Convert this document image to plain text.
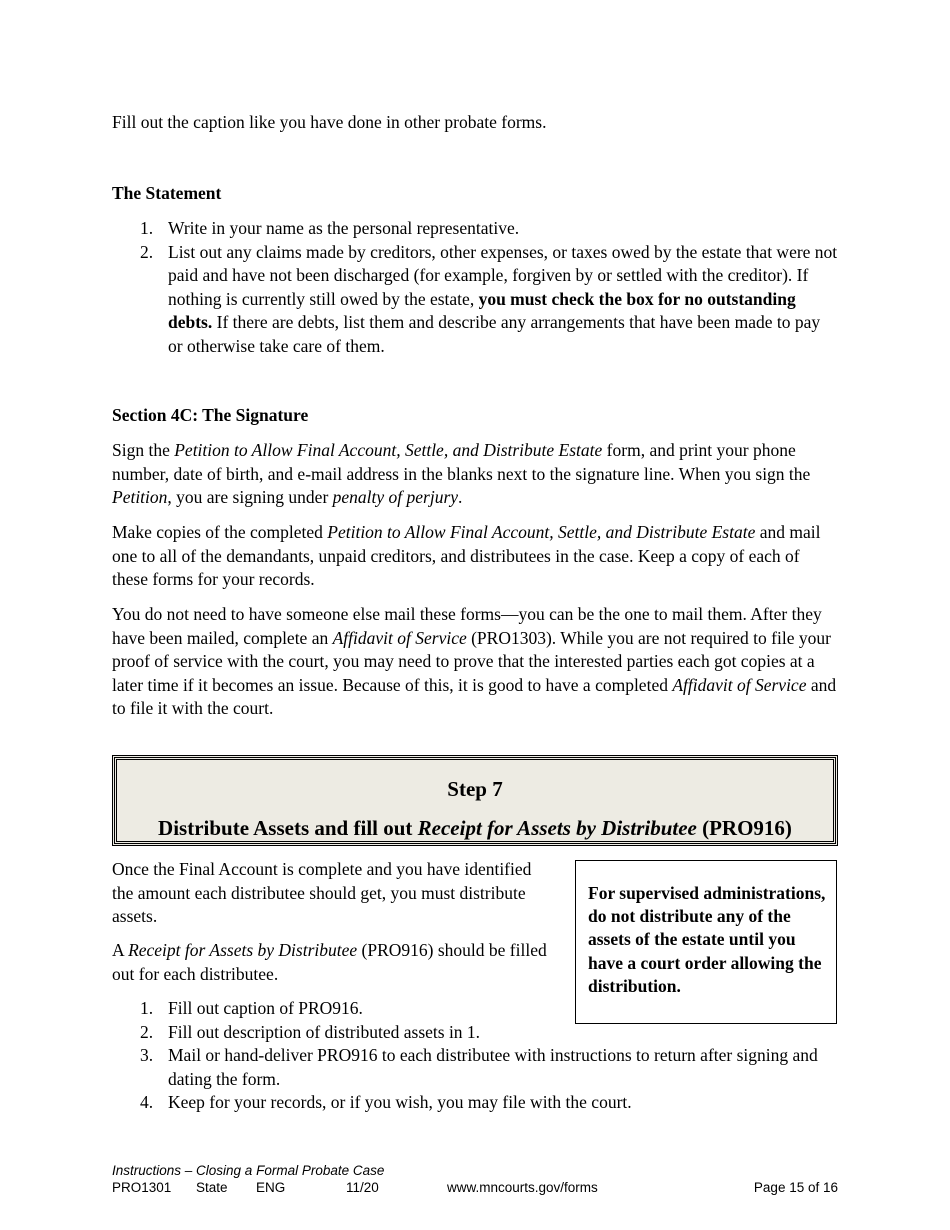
Fill out the caption like you have done in other probate forms.

The Statement
1. Write in your name as the personal representative.
2. List out any claims made by creditors, other expenses, or taxes owed by the estate that were not paid and have not been discharged (for example, forgiven by or settled with the creditor). If nothing is currently still owed by the estate, you must check the box for no outstanding debts. If there are debts, list them and describe any arrangements that have been made to pay or otherwise take care of them.
Section 4C: The Signature

Sign the Petition to Allow Final Account, Settle, and Distribute Estate form, and print your phone number, date of birth, and e-mail address in the blanks next to the signature line. When you sign the Petition, you are signing under penalty of perjury.

Make copies of the completed Petition to Allow Final Account, Settle, and Distribute Estate and mail one to all of the demandants, unpaid creditors, and distributees in the case. Keep a copy of each of these forms for your records.

You do not need to have someone else mail these forms—you can be the one to mail them. After they have been mailed, complete an Affidavit of Service (PRO1303). While you are not required to file your proof of service with the court, you may need to prove that the interested parties each got copies at a later time if it becomes an issue. Because of this, it is good to have a completed Affidavit of Service and to file it with the court.

Step 7
Distribute Assets and fill out Receipt for Assets by Distributee (PRO916)

Once the Final Account is complete and you have identified the amount each distributee should get, you must distribute assets.

A Receipt for Assets by Distributee (PRO916) should be filled out for each distributee.

For supervised administrations, do not distribute any of the assets of the estate until you have a court order allowing the distribution.
1. Fill out caption of PRO916.
2. Fill out description of distributed assets in 1.
3. Mail or hand-deliver PRO916 to each distributee with instructions to return after signing and dating the form.
4. Keep for your records, or if you wish, you may file with the court.
Instructions – Closing a Formal Probate Case
PRO1301 State ENG	11/20	www.mncourts.gov/forms	Page 15 of 16
